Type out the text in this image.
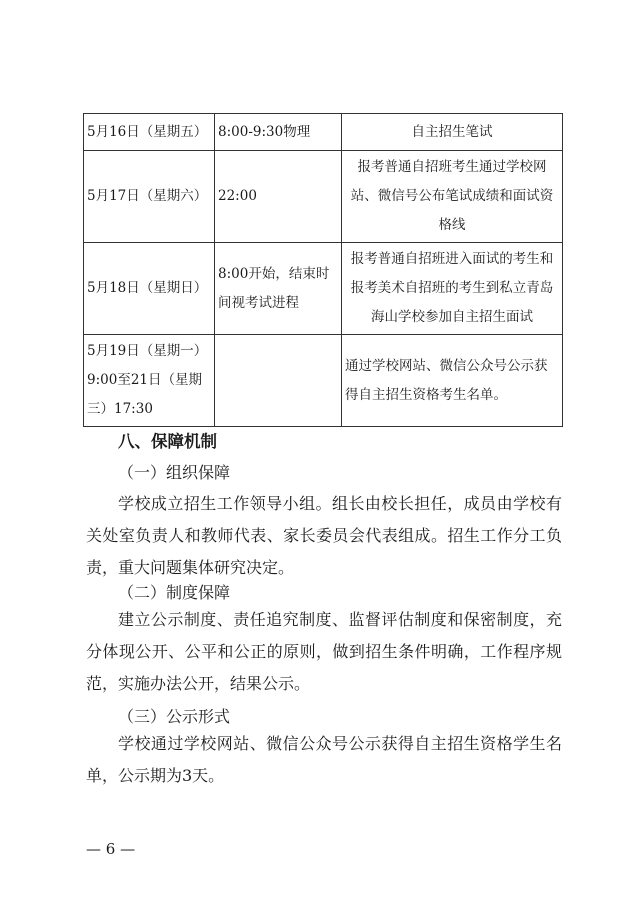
5月16日（星期五）	8:00-9:30物理	自主招生笔试
5月17日（星期六）	22:00	报考普通自招班考生通过学校网站、微信号公布笔试成绩和面试资格线
5月18日（星期日）	8:00开始，结束时间视考试进程	报考普通自招班进入面试的考生和报考美术自招班的考生到私立青岛海山学校参加自主招生面试
5月19日（星期一）9:00至21日（星期三）17:30		通过学校网站、微信公众号公示获得自主招生资格考生名单。
八、保障机制
（一）组织保障
学校成立招生工作领导小组。组长由校长担任，成员由学校有关处室负责人和教师代表、家长委员会代表组成。招生工作分工负责，重大问题集体研究决定。
（二）制度保障
建立公示制度、责任追究制度、监督评估制度和保密制度，充分体现公开、公平和公正的原则，做到招生条件明确，工作程序规范，实施办法公开，结果公示。
（三）公示形式
学校通过学校网站、微信公众号公示获得自主招生资格学生名单，公示期为3天。
— 6 —
